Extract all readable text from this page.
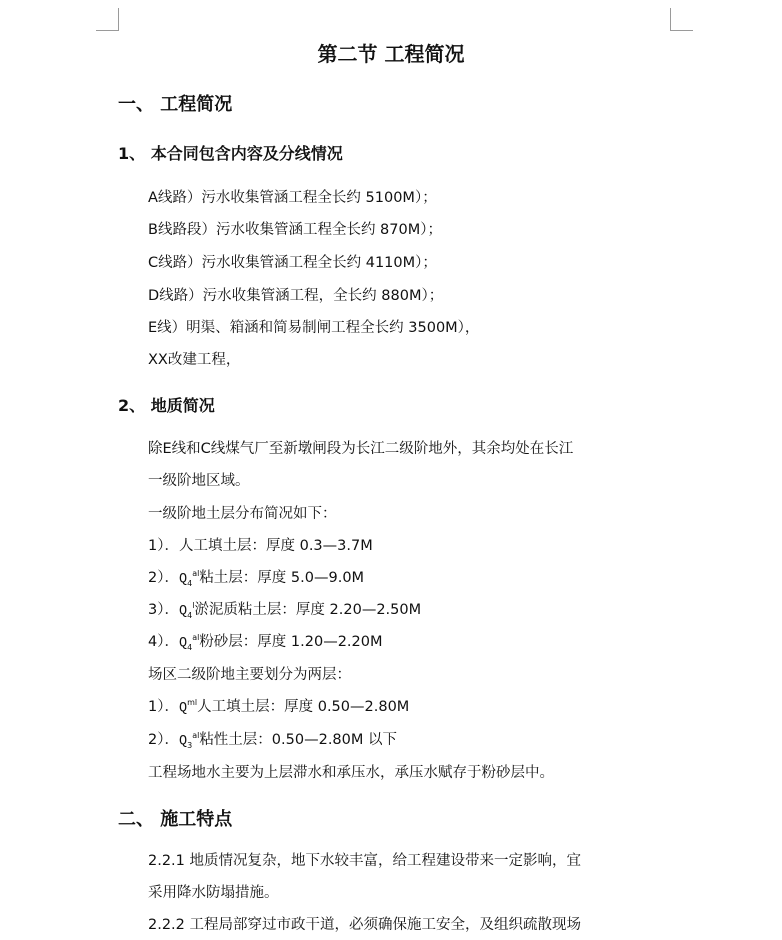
第二节 工程简况
一、 工程简况
1、 本合同包含内容及分线情况

A线路）污水收集管涵工程全长约 5100M）；

B线路段）污水收集管涵工程全长约 870M）；

C线路）污水收集管涵工程全长约 4110M）；

D线路）污水收集管涵工程，全长约 880M）；

E线）明渠、箱涵和简易制闸工程全长约 3500M），

XX改建工程，

2、 地质简况

除E线和C线煤气厂至新墩闸段为长江二级阶地外，其余均处在长江

一级阶地区域。

一级阶地土层分布简况如下：

1）．人工填土层：厚度 0.3—3.7M

2）．$Q_4^{al}$粘土层：厚度 5.0—9.0M

3）．$Q_4^l$淤泥质粘土层：厚度 2.20—2.50M

4）．$Q_4^{al}$粉砂层：厚度 1.20—2.20M

场区二级阶地主要划分为两层：

1）．$Q^{ml}$人工填土层：厚度 0.50—2.80M

2）．$Q_3^{al}$粘性土层：0.50—2.80M 以下

工程场地水主要为上层滞水和承压水，承压水赋存于粉砂层中。

二、 施工特点

2.2.1 地质情况复杂，地下水较丰富，给工程建设带来一定影响，宜

采用降水防塌措施。

2.2.2 工程局部穿过市政干道，必须确保施工安全，及组织疏散现场
